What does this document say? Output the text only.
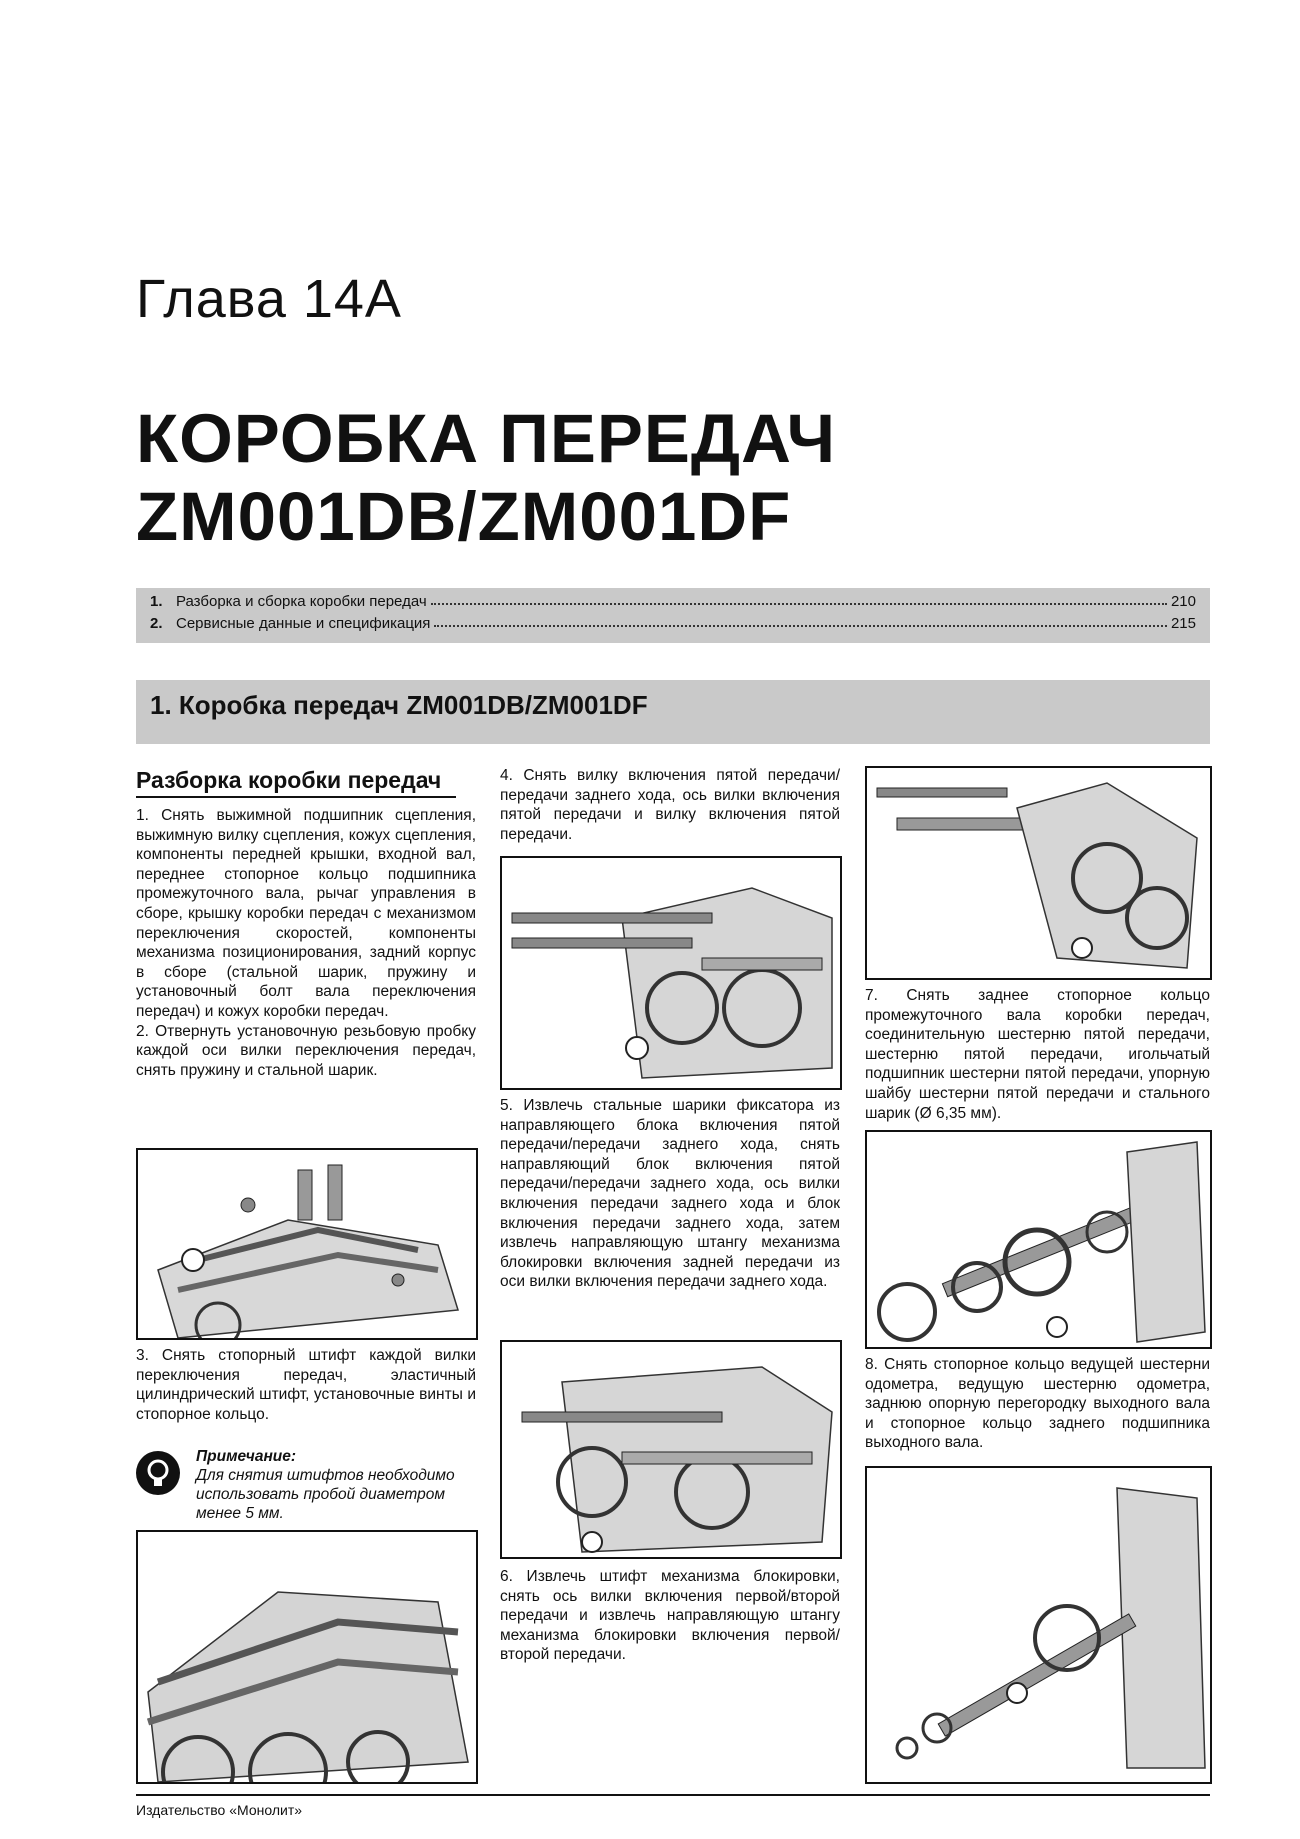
Глава 14А
КОРОБКА ПЕРЕДАЧ
ZM001DB/ZM001DF
1. Разборка и сборка коробки передач	210
2. Сервисные данные и спецификация	215
1. Коробка передач ZM001DB/ZM001DF
Разборка коробки передач

1. Снять выжимной подшипник сцепления, выжимную вилку сцепления, кожух сцепления, компоненты передней крышки, входной вал, переднее стопорное кольцо подшипника промежуточного вала, рычаг управления в сборе, крышку коробки передач с механизмом переключения скоростей, компоненты механизма позиционирования, задний корпус в сборе (стальной шарик, пружину и установочный болт вала переключения передач) и кожух коробки передач.

2. Отвернуть установочную резьбовую пробку каждой оси вилки переключения передач, снять пружину и стальной шарик.

3. Снять стопорный штифт каждой вилки переключения передач, эластичный цилиндрический штифт, установочные винты и стопорное кольцо.

Примечание:
Для снятия штифтов необходимо использовать пробой диаметром менее 5 мм.

4. Снять вилку включения пятой передачи/передачи заднего хода, ось вилки включения пятой передачи и вилку включения пятой передачи.

5. Извлечь стальные шарики фиксатора из направляющего блока включения пятой передачи/передачи заднего хода, снять направляющий блок включения пятой передачи/передачи заднего хода, ось вилки включения передачи заднего хода и блок включения передачи заднего хода, затем извлечь направляющую штангу механизма блокировки включения задней передачи из оси вилки включения передачи заднего хода.

6. Извлечь штифт механизма блокировки, снять ось вилки включения первой/второй передачи и извлечь направляющую штангу механизма блокировки включения первой/второй передачи.

7. Снять заднее стопорное кольцо промежуточного вала коробки передач, соединительную шестерню пятой передачи, шестерню пятой передачи, игольчатый подшипник шестерни пятой передачи, упорную шайбу шестерни пятой передачи и стального шарик (Ø 6,35 мм).

8. Снять стопорное кольцо ведущей шестерни одометра, ведущую шестерню одометра, заднюю опорную перегородку выходного вала и стопорное кольцо заднего подшипника выходного вала.

Издательство «Монолит»
